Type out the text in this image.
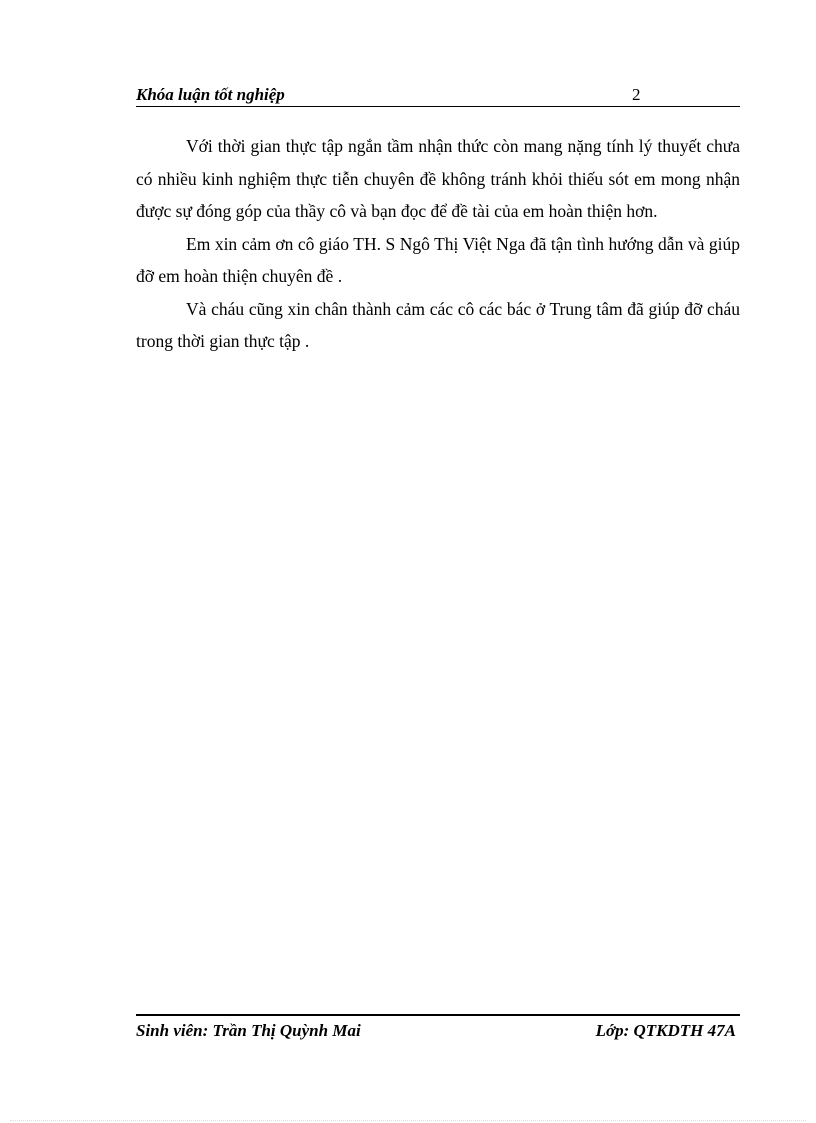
Khóa luận tốt nghiệp	2

Với thời gian thực tập ngắn tầm nhận thức còn mang nặng tính lý thuyết chưa có nhiều kinh nghiệm thực tiễn chuyên đề không tránh khỏi thiếu sót em mong nhận được sự đóng góp của thầy cô và bạn đọc để đề tài của em hoàn thiện hơn.

Em xin cảm ơn cô giáo TH. S Ngô Thị Việt Nga đã tận tình hướng dẫn và giúp đỡ em hoàn thiện chuyên đề .

Và cháu cũng xin chân thành cảm các cô các bác ở Trung tâm đã giúp đỡ cháu trong thời gian thực tập .

Sinh viên: Trần Thị Quỳnh Mai	Lớp: QTKDTH 47A
